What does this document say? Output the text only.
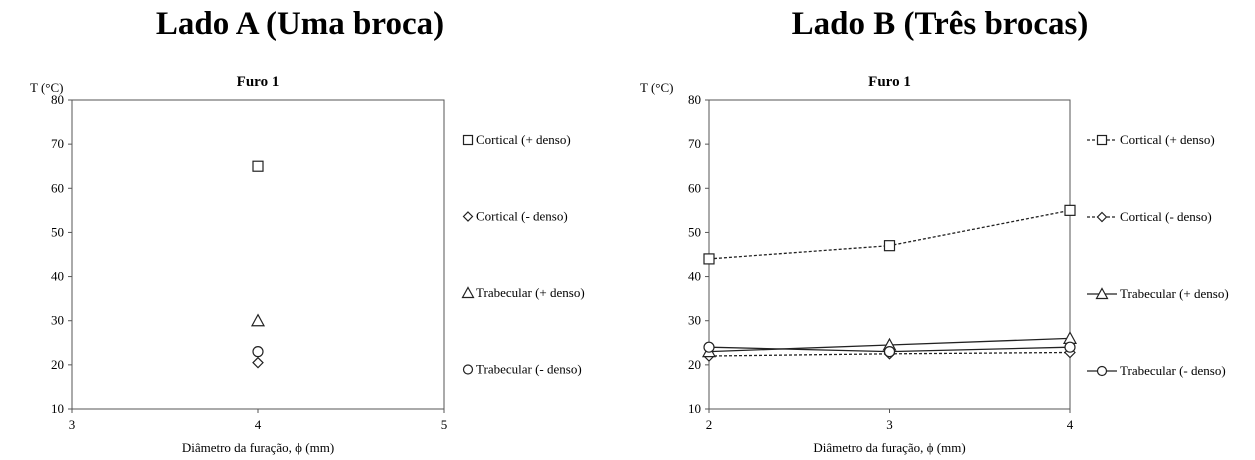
Lado A (Uma broca)	Lado B (Três brocas)
Furo 1
T (°C)
Diâmetro da furação, ϕ (mm)
10
20
30
40
50
60
70
80
3	4	5
Cortical (+ denso)
Cortical (- denso)
Trabecular (+ denso)
Trabecular (- denso)
Furo 1
T (°C)
Diâmetro da furação, ϕ (mm)
10
20
30
40
50
60
70
80
2	3	4
Cortical (+ denso)
Cortical (- denso)
Trabecular (+ denso)
Trabecular (- denso)
